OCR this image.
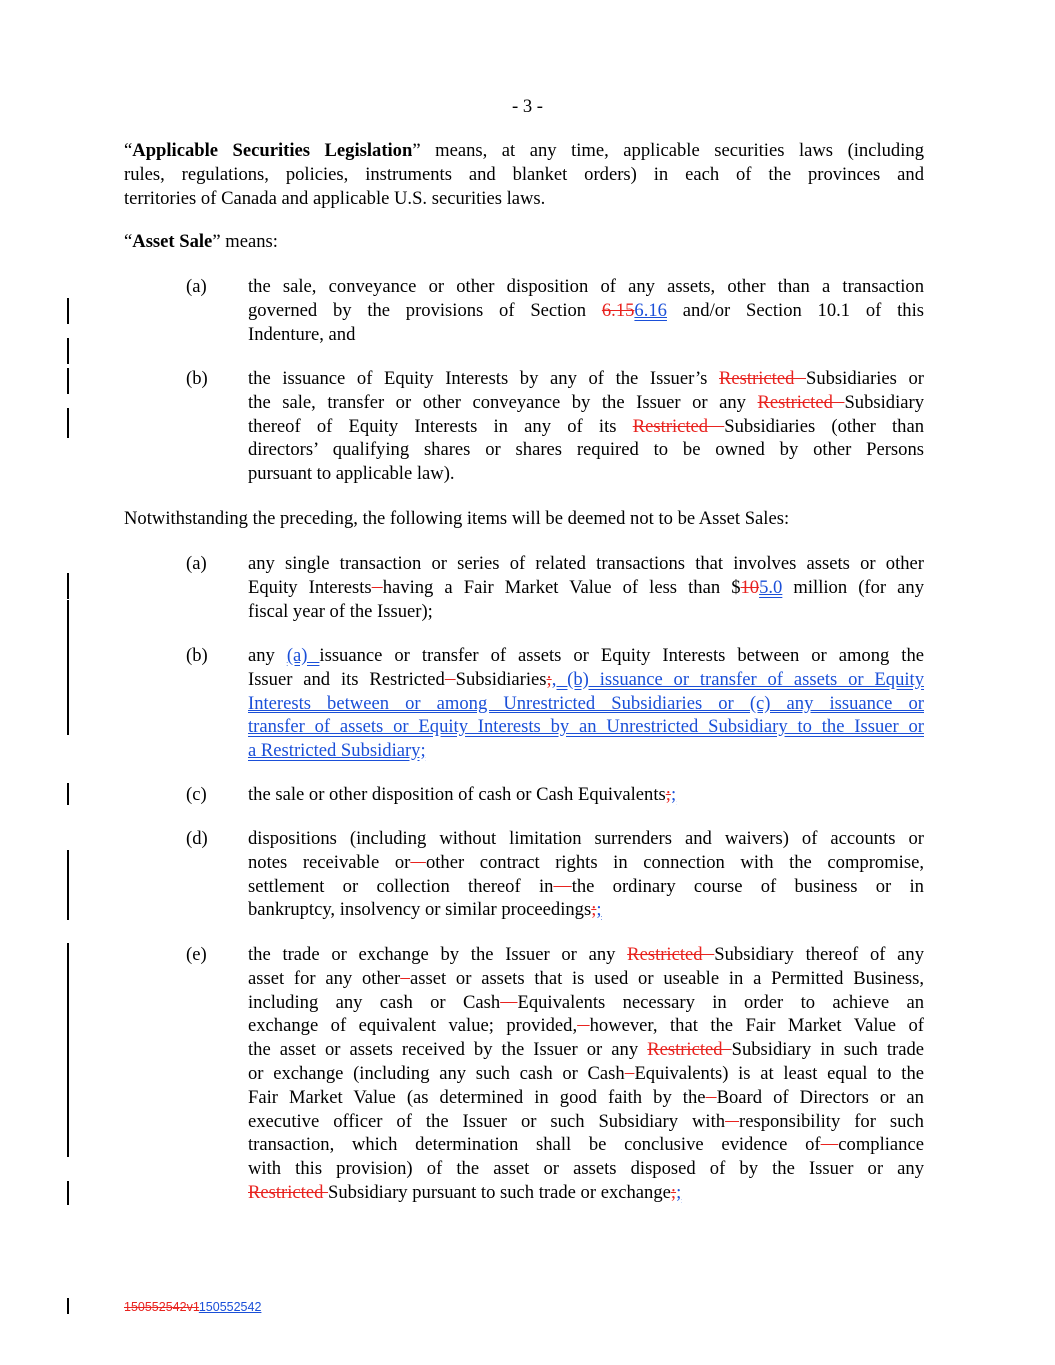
- 3 -
“Applicable Securities Legislation” means, at any time, applicable securities laws (including
rules, regulations, policies, instruments and blanket orders) in each of the provinces and
territories of Canada and applicable U.S. securities laws.
“Asset Sale” means:
(a) the sale, conveyance or other disposition of any assets, other than a transaction
governed by the provisions of Section 6.156.16 and/or Section 10.1 of this
Indenture, and
(b) the issuance of Equity Interests by any of the Issuer’s Restricted Subsidiaries or
the sale, transfer or other conveyance by the Issuer or any Restricted Subsidiary
thereof of Equity Interests in any of its Restricted Subsidiaries (other than
directors’ qualifying shares or shares required to be owned by other Persons
pursuant to applicable law).
Notwithstanding the preceding, the following items will be deemed not to be Asset Sales:
(a) any single transaction or series of related transactions that involves assets or other
Equity Interests having a Fair Market Value of less than $105.0 million (for any
fiscal year of the Issuer);
(b) any (a) issuance or transfer of assets or Equity Interests between or among the
Issuer and its Restricted Subsidiaries;, (b) issuance or transfer of assets or Equity
Interests between or among Unrestricted Subsidiaries or (c) any issuance or
transfer of assets or Equity Interests by an Unrestricted Subsidiary to the Issuer or
a Restricted Subsidiary;
(c) the sale or other disposition of cash or Cash Equivalents;;
(d) dispositions (including without limitation surrenders and waivers) of accounts or
notes receivable or other contract rights in connection with the compromise,
settlement or collection thereof in the ordinary course of business or in
bankruptcy, insolvency or similar proceedings;;
(e) the trade or exchange by the Issuer or any Restricted Subsidiary thereof of any
asset for any other asset or assets that is used or useable in a Permitted Business,
including any cash or Cash Equivalents necessary in order to achieve an
exchange of equivalent value; provided, however, that the Fair Market Value of
the asset or assets received by the Issuer or any Restricted Subsidiary in such trade
or exchange (including any such cash or Cash Equivalents) is at least equal to the
Fair Market Value (as determined in good faith by the Board of Directors or an
executive officer of the Issuer or such Subsidiary with responsibility for such
transaction, which determination shall be conclusive evidence of compliance
with this provision) of the asset or assets disposed of by the Issuer or any
Restricted Subsidiary pursuant to such trade or exchange;;
150552542v1150552542
